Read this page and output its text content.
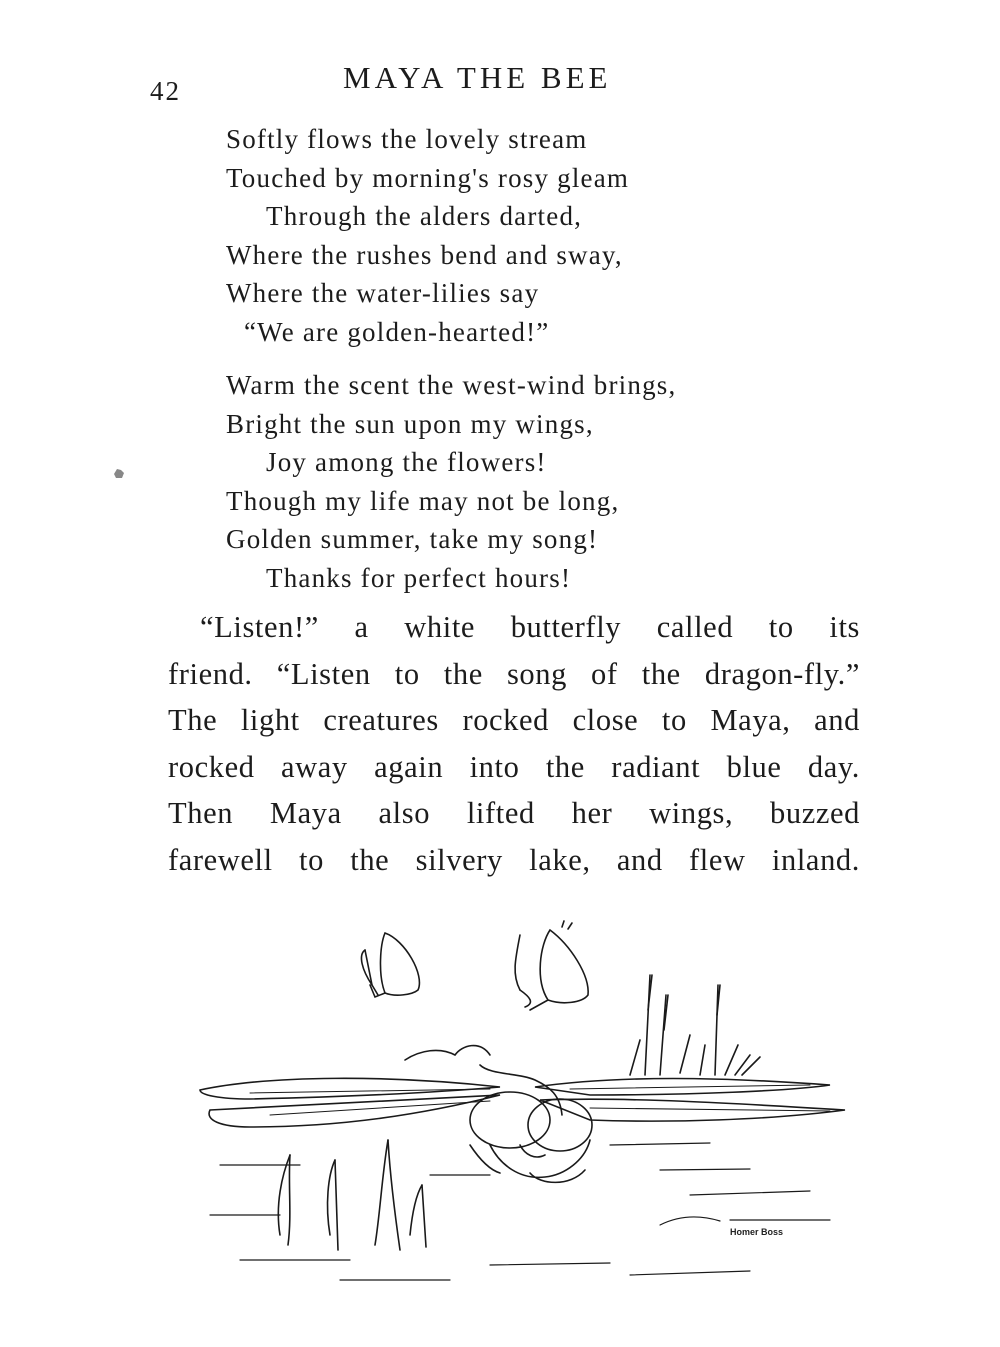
42	MAYA THE BEE
Softly flows the lovely stream
Touched by morning's rosy gleam
Through the alders darted,
Where the rushes bend and sway,
Where the water-lilies say
“We are golden-hearted!”
Warm the scent the west-wind brings,
Bright the sun upon my wings,
Joy among the flowers!
Though my life may not be long,
Golden summer, take my song!
Thanks for perfect hours!
“Listen!” a white butterfly called to its
friend. “Listen to the song of the dragon-fly.”
The light creatures rocked close to Maya, and
rocked away again into the radiant blue day.
Then Maya also lifted her wings, buzzed
farewell to the silvery lake, and flew inland.
Homer Boss
